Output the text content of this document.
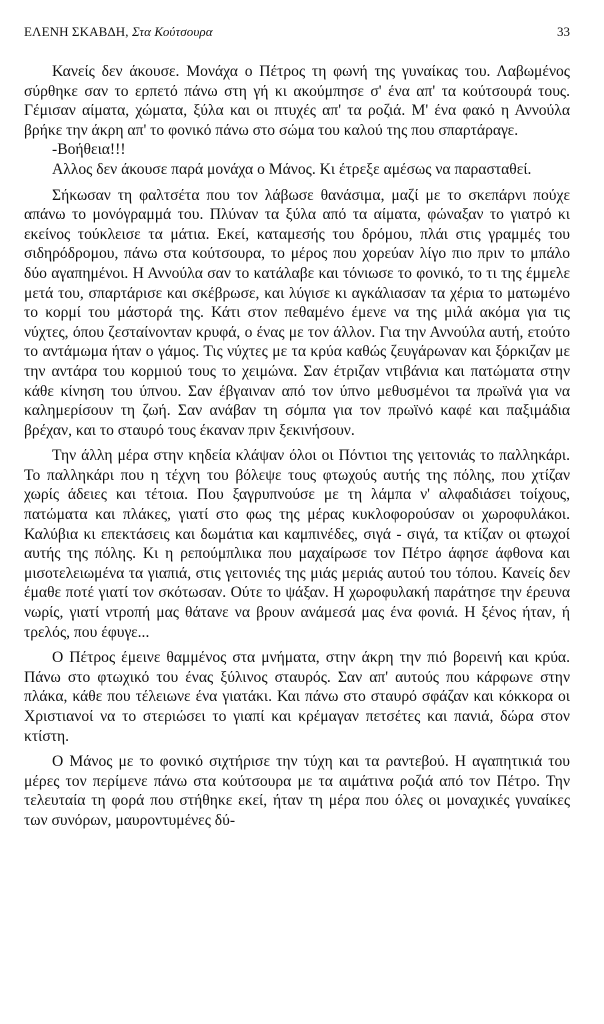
ΕΛΕΝΗ ΣΚΑΒΔΗ, Στα Κούτσουρα	33

Κανείς δεν άκουσε. Μονάχα ο Πέτρος τη φωνή της γυναίκας του. Λαβωμένος σύρθηκε σαν το ερπετό πάνω στη γή κι ακούμπησε σ' ένα απ' τα κούτσουρά τους. Γέμισαν αίματα, χώματα, ξύλα και οι πτυχές απ' τα ροζιά. Μ' ένα φακό η Αννούλα βρήκε την άκρη απ' το φονικό πάνω στο σώμα του καλού της που σπαρτάραγε.

-Βοήθεια!!!

Αλλος δεν άκουσε παρά μονάχα ο Μάνος. Κι έτρεξε αμέσως να παρασταθεί.

Σήκωσαν τη φαλτσέτα που τον λάβωσε θανάσιμα, μαζί με το σκεπάρνι πούχε απάνω το μονόγραμμά του. Πλύναν τα ξύλα από τα αίματα, φώναξαν το γιατρό κι εκείνος τούκλεισε τα μάτια. Εκεί, καταμεσής του δρόμου, πλάι στις γραμμές του σιδηρόδρομου, πάνω στα κούτσουρα, το μέρος που χορεύαν λίγο πιο πριν το μπάλο δύο αγαπημένοι. Η Αννούλα σαν το κατάλαβε και τόνιωσε το φονικό, το τι της έμμελε μετά του, σπαρτάρισε και σκέβρωσε, και λύγισε κι αγκάλιασαν τα χέρια το ματωμένο το κορμί του μάστορά της. Κάτι στον πεθαμένο έμενε να της μιλά ακόμα για τις νύχτες, όπου ζεσταίνονταν κρυφά, ο ένας με τον άλλον. Για την Αννούλα αυτή, ετούτο το αντάμωμα ήταν ο γάμος. Τις νύχτες με τα κρύα καθώς ζευγάρωναν και ξόρκιζαν με την αντάρα του κορμιού τους το χειμώνα. Σαν έτριζαν ντιβάνια και πατώματα στην κάθε κίνηση του ύπνου. Σαν έβγαιναν από τον ύπνο μεθυσμένοι τα πρωϊνά για να καλημερίσουν τη ζωή. Σαν ανάβαν τη σόμπα για τον πρωϊνό καφέ και παξιμάδια βρέχαν, και το σταυρό τους έκαναν πριν ξεκινήσουν.

Την άλλη μέρα στην κηδεία κλάψαν όλοι οι Πόντιοι της γειτονιάς το παλληκάρι. Το παλληκάρι που η τέχνη του βόλεψε τους φτωχούς αυτής της πόλης, που χτίζαν χωρίς άδειες και τέτοια. Που ξαγρυπνούσε με τη λάμπα ν' αλφαδιάσει τοίχους, πατώματα και πλάκες, γιατί στο φως της μέρας κυκλοφορούσαν οι χωροφυλάκοι. Καλύβια κι επεκτάσεις και δωμάτια και καμπινέδες, σιγά - σιγά, τα κτίζαν οι φτωχοί αυτής της πόλης. Κι η ρεπούμπλικα που μαχαίρωσε τον Πέτρο άφησε άφθονα και μισοτελειωμένα τα γιαπιά, στις γειτονιές της μιάς μεριάς αυτού του τόπου. Κανείς δεν έμαθε ποτέ γιατί τον σκότωσαν. Ούτε το ψάξαν. Η χωροφυλακή παράτησε την έρευνα νωρίς, γιατί ντροπή μας θάτανε να βρουν ανάμεσά μας ένα φονιά. Η ξένος ήταν, ή τρελός, που έφυγε...

Ο Πέτρος έμεινε θαμμένος στα μνήματα, στην άκρη την πιό βορεινή και κρύα. Πάνω στο φτωχικό του ένας ξύλινος σταυρός. Σαν απ' αυτούς που κάρφωνε στην πλάκα, κάθε που τέλειωνε ένα γιατάκι. Και πάνω στο σταυρό σφάζαν και κόκκορα οι Χριστιανοί να το στεριώσει το γιαπί και κρέμαγαν πετσέτες και πανιά, δώρα στον κτίστη.

Ο Μάνος με το φονικό σιχτήρισε την τύχη και τα ραντεβού. Η αγαπητικιά του μέρες τον περίμενε πάνω στα κούτσουρα με τα αιμάτινα ροζιά από τον Πέτρο. Την τελευταία τη φορά που στήθηκε εκεί, ήταν τη μέρα που όλες οι μοναχικές γυναίκες των συνόρων, μαυροντυμένες δύ-
